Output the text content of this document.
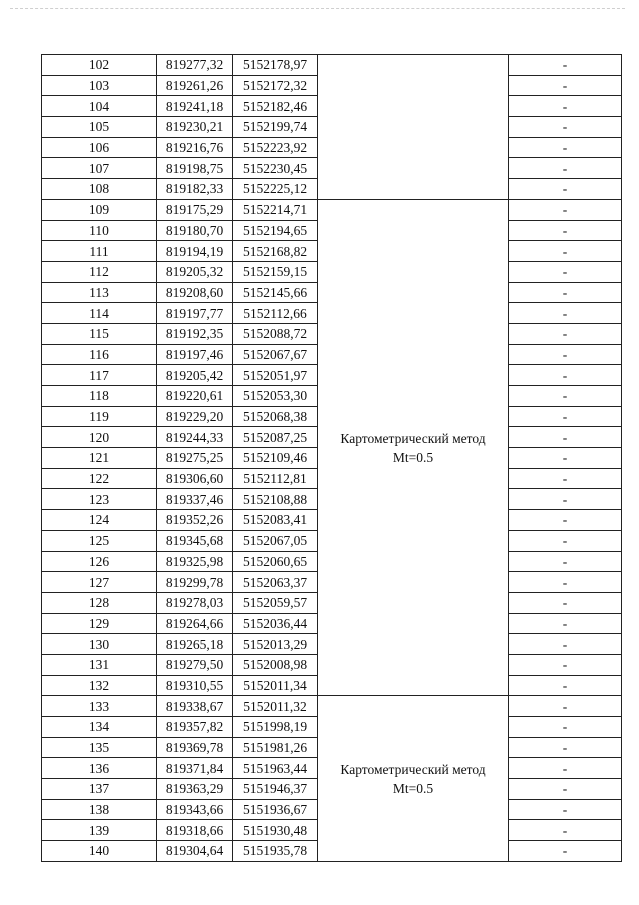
102	819277,32	5152178,97		-
103	819261,26	5152172,32		-
104	819241,18	5152182,46		-
105	819230,21	5152199,74		-
106	819216,76	5152223,92		-
107	819198,75	5152230,45		-
108	819182,33	5152225,12		-
109	819175,29	5152214,71	Картометрический метод
Mt=0.5	-
110	819180,70	5152194,65		-
111	819194,19	5152168,82		-
112	819205,32	5152159,15		-
113	819208,60	5152145,66		-
114	819197,77	5152112,66		-
115	819192,35	5152088,72		-
116	819197,46	5152067,67		-
117	819205,42	5152051,97		-
118	819220,61	5152053,30		-
119	819229,20	5152068,38		-
120	819244,33	5152087,25		-
121	819275,25	5152109,46		-
122	819306,60	5152112,81		-
123	819337,46	5152108,88		-
124	819352,26	5152083,41		-
125	819345,68	5152067,05		-
126	819325,98	5152060,65		-
127	819299,78	5152063,37		-
128	819278,03	5152059,57		-
129	819264,66	5152036,44		-
130	819265,18	5152013,29		-
131	819279,50	5152008,98		-
132	819310,55	5152011,34		-
133	819338,67	5152011,32	Картометрический метод
Mt=0.5	-
134	819357,82	5151998,19		-
135	819369,78	5151981,26		-
136	819371,84	5151963,44		-
137	819363,29	5151946,37		-
138	819343,66	5151936,67		-
139	819318,66	5151930,48		-
140	819304,64	5151935,78		-
